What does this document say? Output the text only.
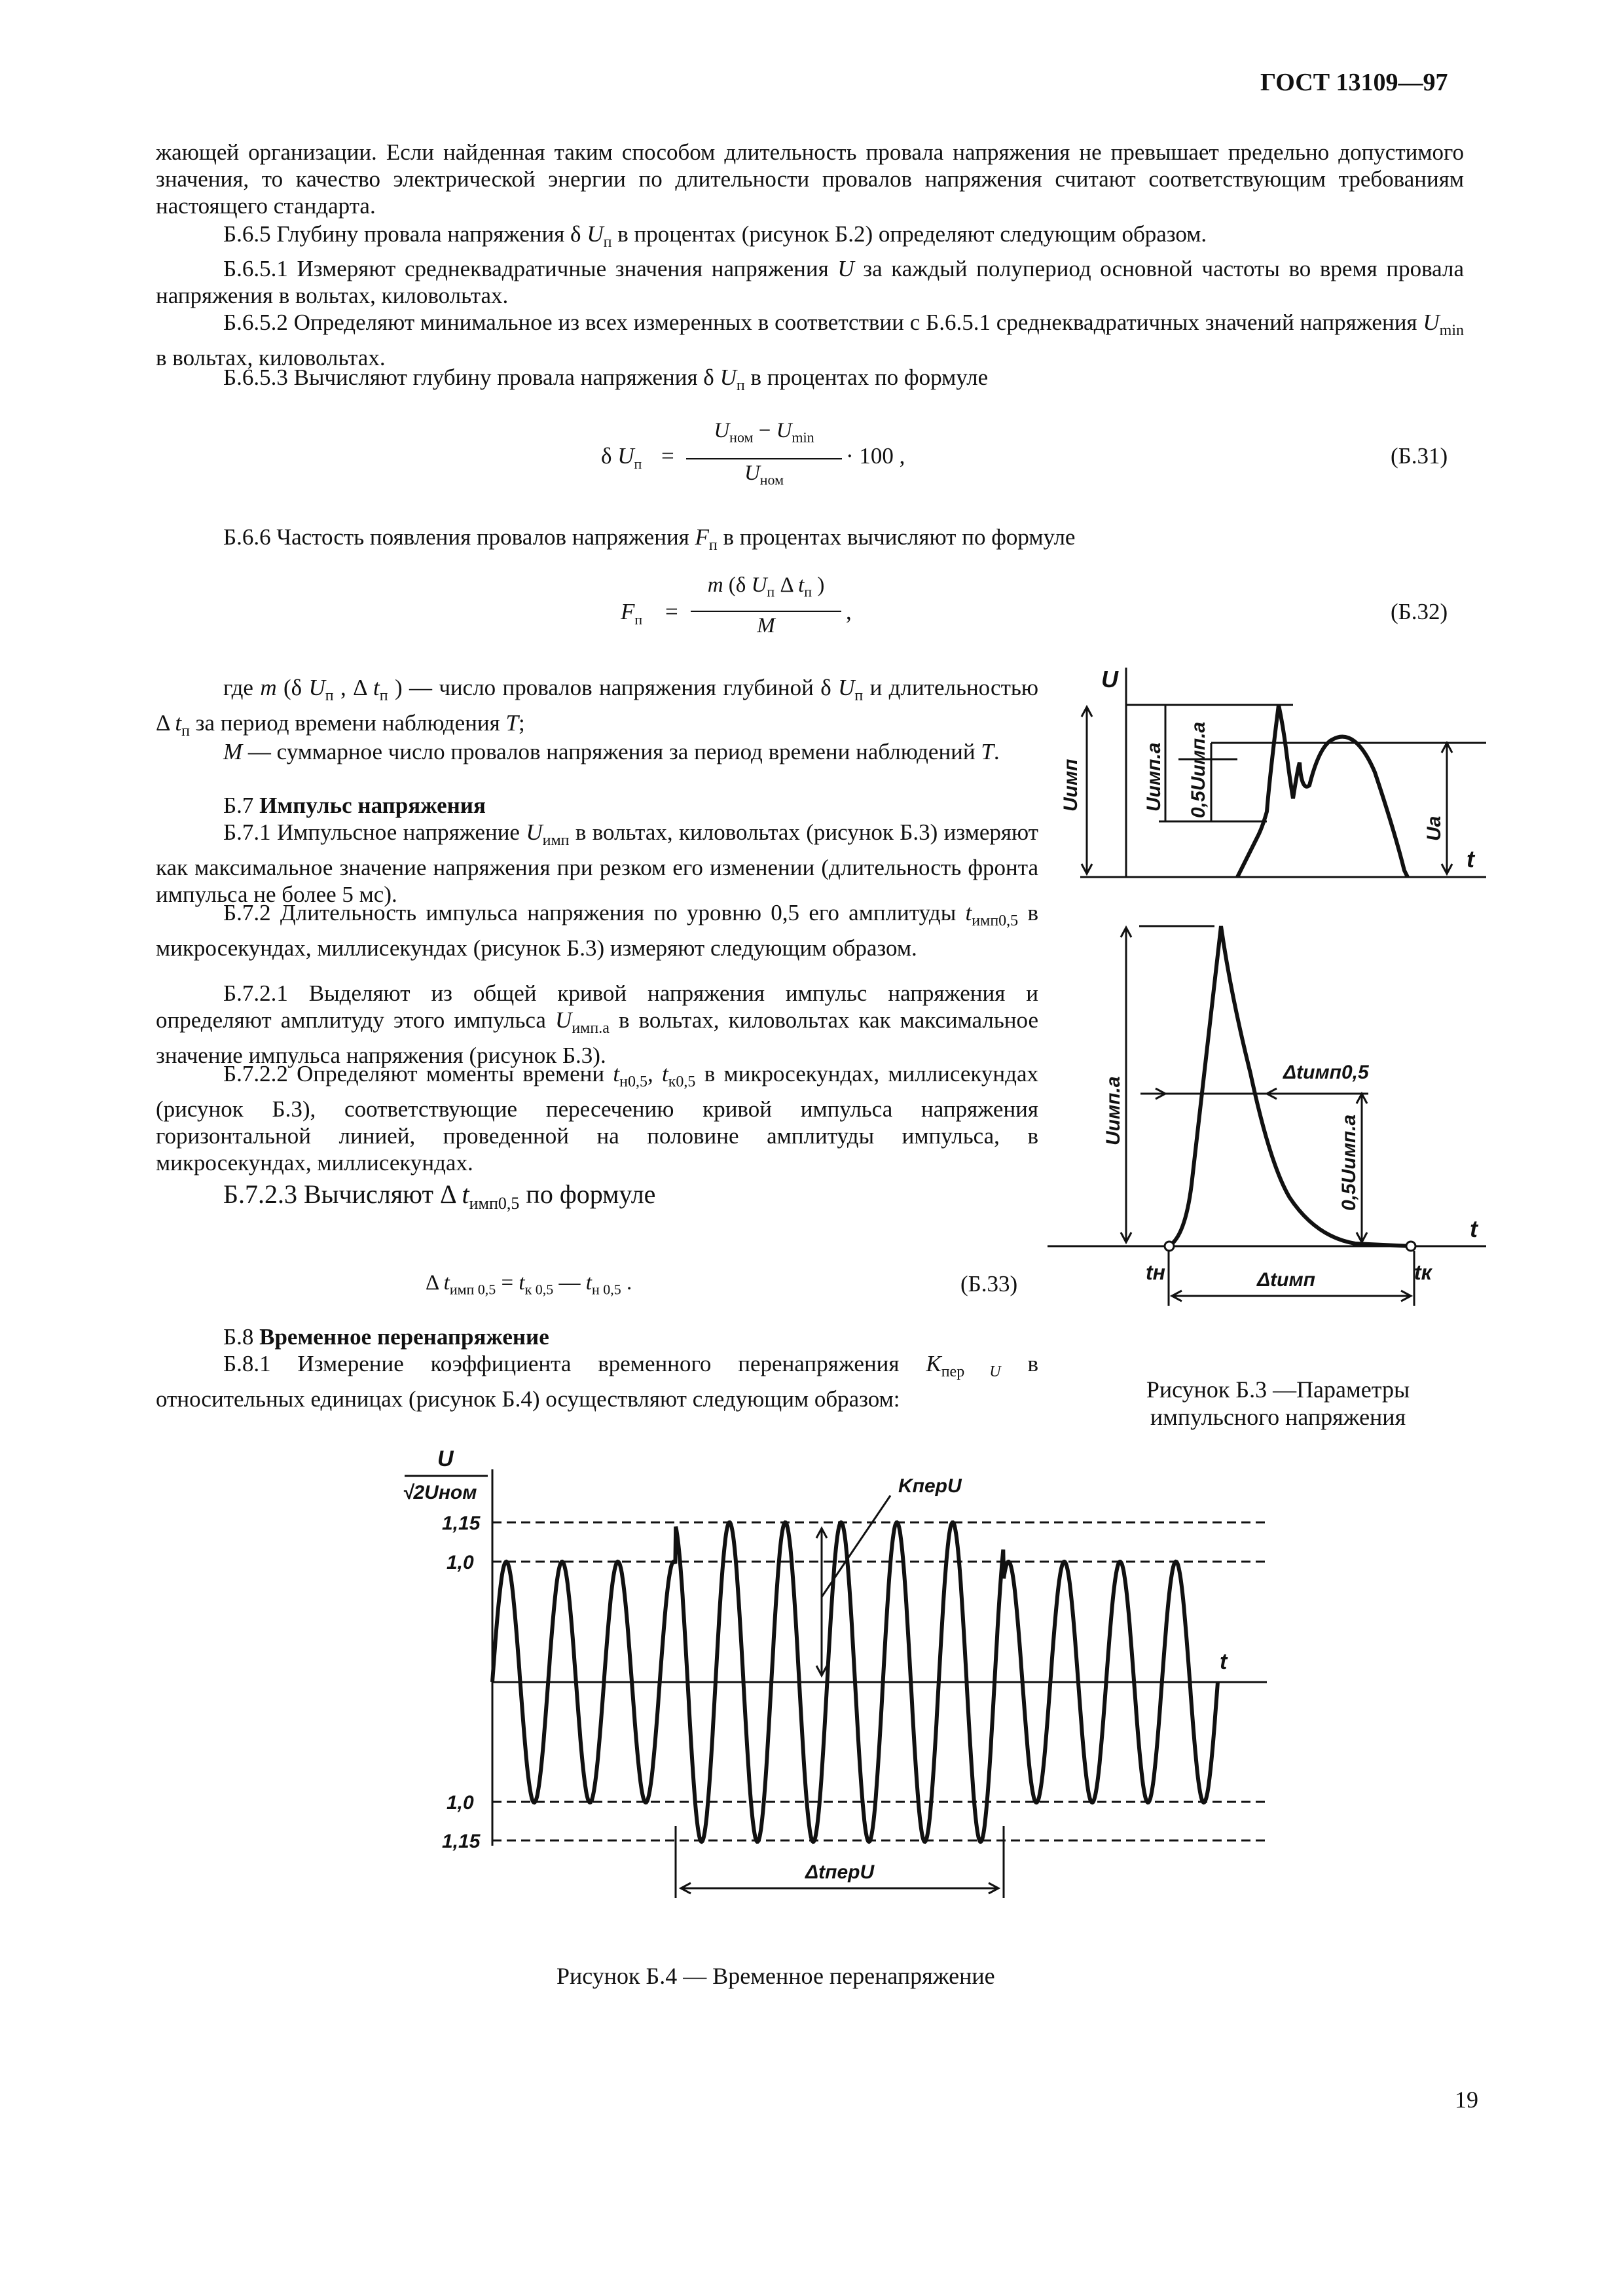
ГОСТ 13109—97

жающей организации. Если найденная таким способом длительность провала напряжения не превышает предельно допустимого значения, то качество электрической энергии по длительности провалов напряжения считают соответствующим требованиям настоящего стандарта.

Б.6.5 Глубину провала напряжения δ $U_п$ в процентах (рисунок Б.2) определяют следующим образом.

Б.6.5.1 Измеряют среднеквадратичные значения напряжения U за каждый полупериод основной частоты во время провала напряжения в вольтах, киловольтах.

Б.6.5.2 Определяют минимальное из всех измеренных в соответствии с Б.6.5.1 среднеквадратичных значений напряжения $U_{min}$ в вольтах, киловольтах.

Б.6.5.3 Вычисляют глубину провала напряжения δ $U_п$ в процентах по формуле
δ $U_п$ =
$U_{ном} - U_{min}$
$U_{ном}$
· 100 ,	(Б.31)
Б.6.6 Частость появления провалов напряжения $F_п$ в процентах вычисляют по формуле
$F_п$ =
m (δ $U_п$ Δ $t_п$ )
M
,	(Б.32)

где m (δ $U_п$ , Δ $t_п$ ) — число провалов напряжения глубиной δ $U_п$ и длительностью Δ $t_п$ за период времени наблюдения T;

M — суммарное число провалов напряжения за период времени наблюдений T.

Б.7 Импульс напряжения

Б.7.1 Импульсное напряжение $U_{имп}$ в вольтах, киловольтах (рисунок Б.3) измеряют как максимальное значение напряжения при резком его изменении (длительность фронта импульса не более 5 мс).

Б.7.2 Длительность импульса напряжения по уровню 0,5 его амплитуды $t_{имп0,5}$ в микросекундах, миллисекундах (рисунок Б.3) измеряют следующим образом.

Б.7.2.1 Выделяют из общей кривой напряжения импульс напряжения и определяют амплитуду этого импульса $U_{имп.а}$ в вольтах, киловольтах как максимальное значение импульса напряжения (рисунок Б.3).

Б.7.2.2 Определяют моменты времени $t_{н0,5}$, $t_{к0,5}$ в микросекундах, миллисекундах (рисунок Б.3), соответствующие пересечению кривой импульса напряжения горизонтальной линией, проведенной на половине амплитуды импульса, в микросекундах, миллисекундах.

Б.7.2.3 Вычисляют Δ $t_{имп0,5}$ по формуле
Δ $t_{имп 0,5} = t_{к 0,5}$ — $t_{н 0,5}$ .	(Б.33)
Б.8 Временное перенапряжение

Б.8.1 Измерение коэффициента временного перенапряжения $K_{пер U}$ в относительных единицах (рисунок Б.4) осуществляют следующим образом:

U
Uимп	Uимп.а 0,5Uимп.а
Uа
t
Uимп.а
0,5Uимп.а
Δtимп0,5
t
tн	tк
Δtимп
Рисунок Б.3 —Параметры импульсного напряжения
U
√2Uном
1,15
1,0
1,0
1,15
t
KперU
ΔtперU
Рисунок Б.4 — Временное перенапряжение
19
